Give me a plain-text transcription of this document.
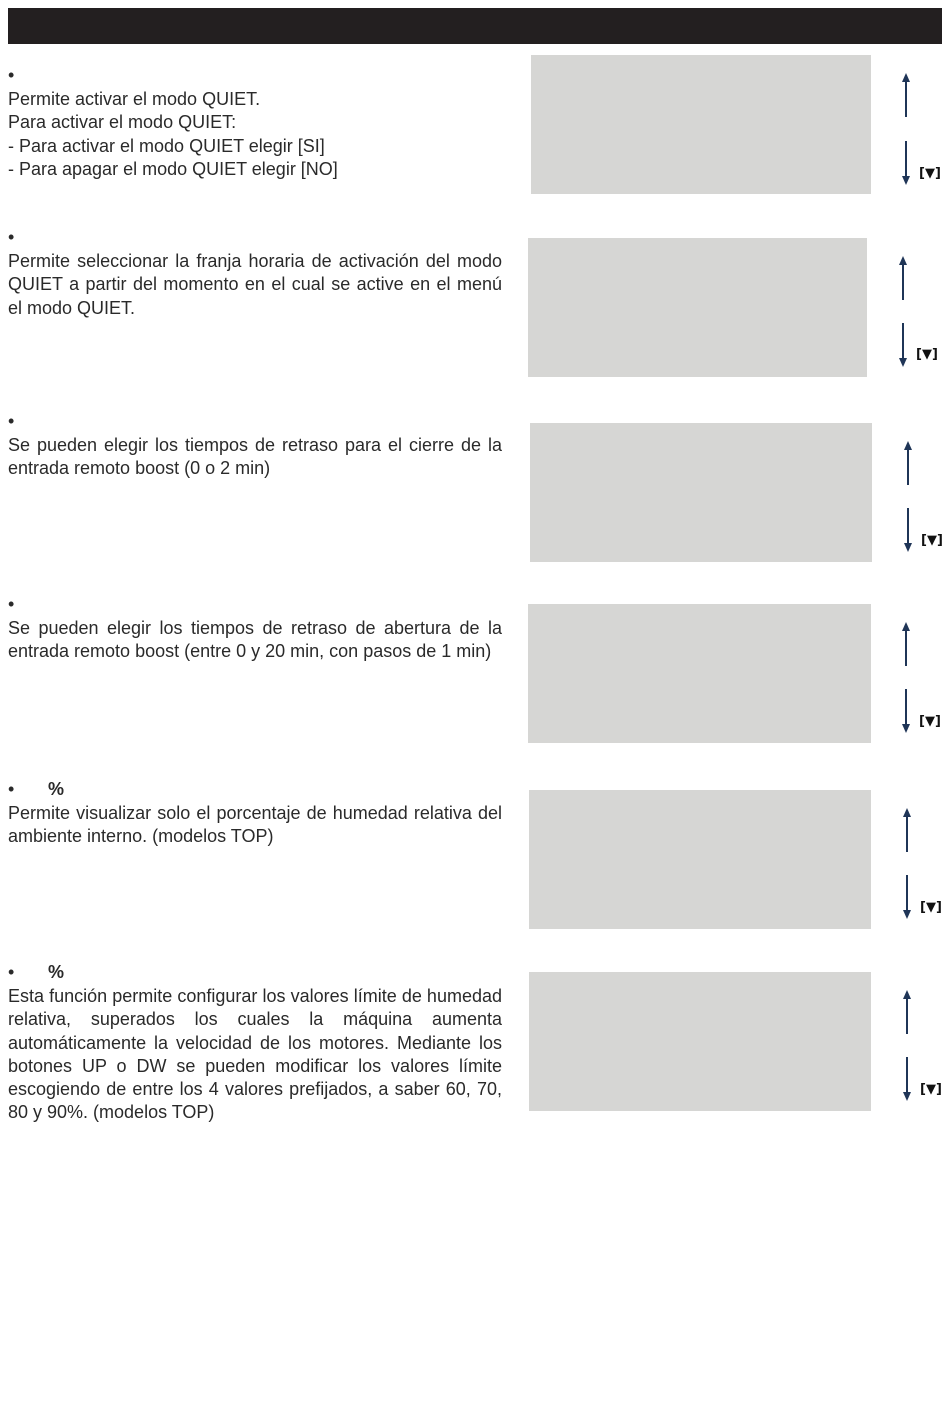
•

Permite activar el modo QUIET.
Para activar el modo QUIET:
- Para activar el modo QUIET elegir [SI]
- Para apagar el modo QUIET elegir [NO]	[▼]
•

Permite seleccionar la franja horaria de activación del modo QUIET a partir del momento en el cual se active en el menú el modo QUIET.

[▼]
•

Se pueden elegir los tiempos de retraso para el cierre de la entrada remoto boost (0 o 2 min)

[▼]
•

Se pueden elegir los tiempos de retraso de abertura de la entrada remoto boost (entre 0 y 20 min, con pasos de 1 min)

[▼]
• %

Permite visualizar solo el porcentaje de humedad relativa del ambiente interno. (modelos TOP)

[▼]
• %

Esta función permite configurar los valores límite de humedad relativa, superados los cuales la máquina aumenta automáticamente la velocidad de los motores. Mediante los botones UP o DW se pueden modificar los valores límite escogiendo de entre los 4 valores prefijados, a saber 60, 70, 80 y 90%. (modelos TOP)

[▼]
